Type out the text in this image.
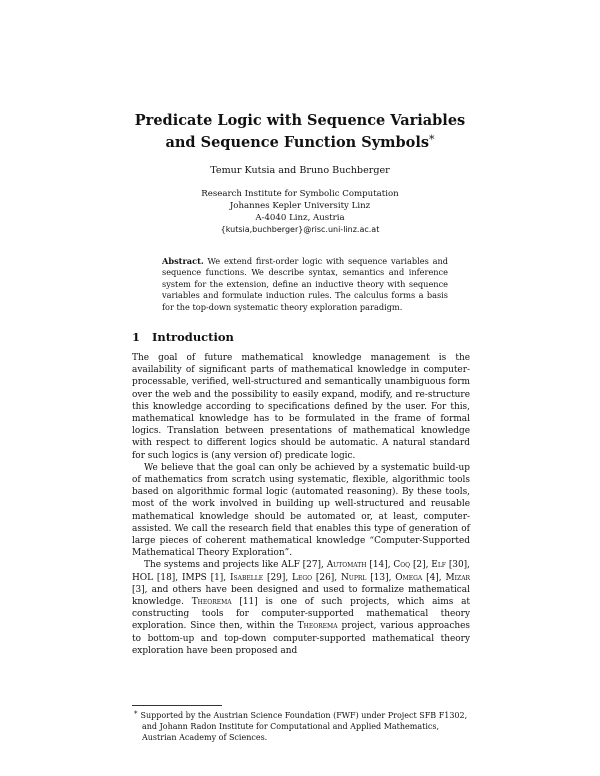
Predicate Logic with Sequence Variables
and Sequence Function Symbols*
Temur Kutsia and Bruno Buchberger
Research Institute for Symbolic Computation
Johannes Kepler University Linz
A-4040 Linz, Austria
{kutsia,buchberger}@risc.uni-linz.ac.at
Abstract. We extend first-order logic with sequence variables and sequence functions. We describe syntax, semantics and inference system for the extension, define an inductive theory with sequence variables and formulate induction rules. The calculus forms a basis for the top-down systematic theory exploration paradigm.
1 Introduction

The goal of future mathematical knowledge management is the availability of significant parts of mathematical knowledge in computer-processable, verified, well-structured and semantically unambiguous form over the web and the possibility to easily expand, modify, and re-structure this knowledge according to specifications defined by the user. For this, mathematical knowledge has to be formulated in the frame of formal logics. Translation between presentations of mathematical knowledge with respect to different logics should be automatic. A natural standard for such logics is (any version of) predicate logic.

We believe that the goal can only be achieved by a systematic build-up of mathematics from scratch using systematic, flexible, algorithmic tools based on algorithmic formal logic (automated reasoning). By these tools, most of the work involved in building up well-structured and reusable mathematical knowledge should be automated or, at least, computer-assisted. We call the research field that enables this type of generation of large pieces of coherent mathematical knowledge “Computer-Supported Mathematical Theory Exploration”.

The systems and projects like ALF [27], Automath [14], Coq [2], Elf [30], HOL [18], IMPS [1], Isabelle [29], Lego [26], Nuprl [13], Omega [4], Mizar [3], and others have been designed and used to formalize mathematical knowledge. Theorema [11] is one of such projects, which aims at constructing tools for computer-supported mathematical theory exploration. Since then, within the Theorema project, various approaches to bottom-up and top-down computer-supported mathematical theory exploration have been proposed and

* Supported by the Austrian Science Foundation (FWF) under Project SFB F1302, and Johann Radon Institute for Computational and Applied Mathematics, Austrian Academy of Sciences.
